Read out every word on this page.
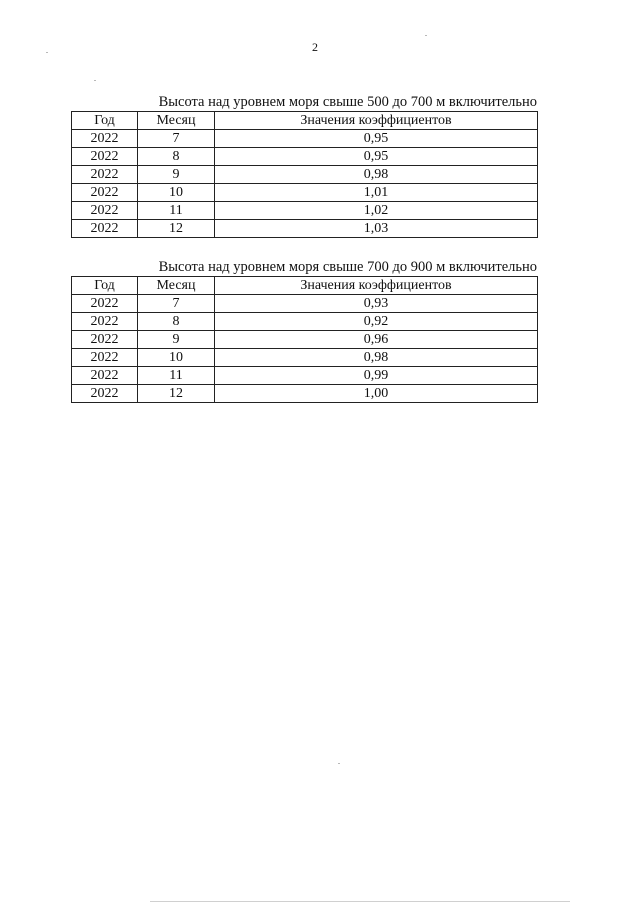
2
Высота над уровнем моря свыше 500 до 700 м включительно
Год	Месяц	Значения коэффициентов
2022	7	0,95
2022	8	0,95
2022	9	0,98
2022	10	1,01
2022	11	1,02
2022	12	1,03
Высота над уровнем моря свыше 700 до 900 м включительно
Год	Месяц	Значения коэффициентов
2022	7	0,93
2022	8	0,92
2022	9	0,96
2022	10	0,98
2022	11	0,99
2022	12	1,00
